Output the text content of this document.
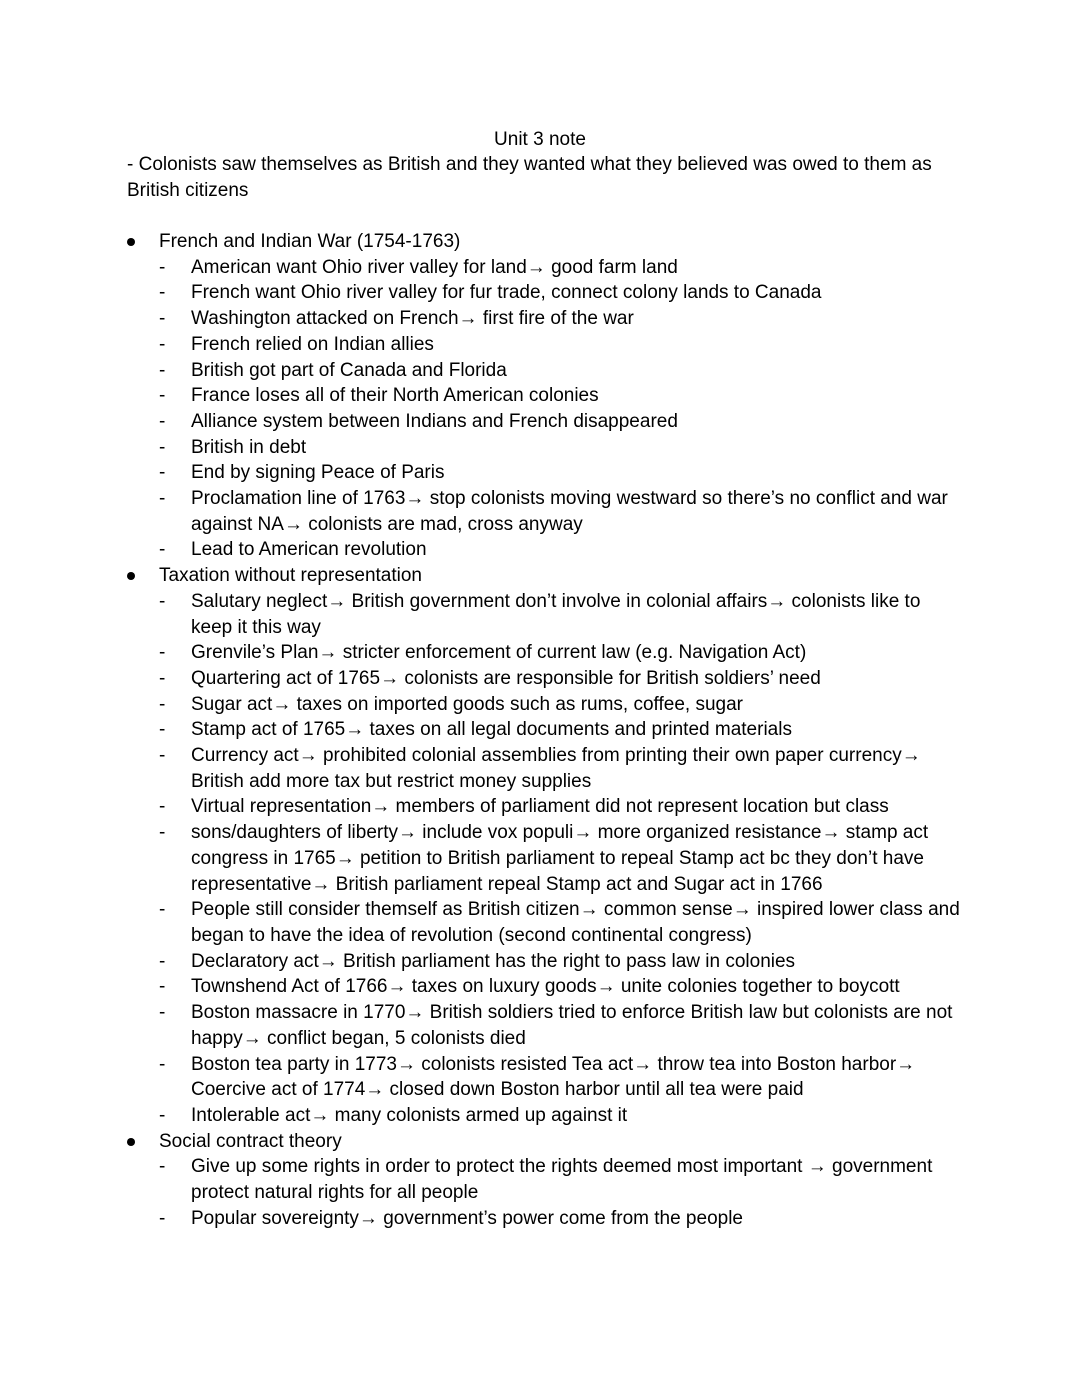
Unit 3 note

- Colonists saw themselves as British and they wanted what they believed was owed to them as British citizens

French and Indian War (1754-1763)
- American want Ohio river valley for land→ good farm land
- French want Ohio river valley for fur trade, connect colony lands to Canada
- Washington attacked on French→ first fire of the war
- French relied on Indian allies
- British got part of Canada and Florida
- France loses all of their North American colonies
- Alliance system between Indians and French disappeared
- British in debt
- End by signing Peace of Paris
- Proclamation line of 1763→ stop colonists moving westward so there’s no conflict and war against NA→ colonists are mad, cross anyway
- Lead to American revolution
Taxation without representation
- Salutary neglect→ British government don’t involve in colonial affairs→ colonists like to keep it this way
- Grenvile’s Plan→ stricter enforcement of current law (e.g. Navigation Act)
- Quartering act of 1765→ colonists are responsible for British soldiers’ need
- Sugar act→ taxes on imported goods such as rums, coffee, sugar
- Stamp act of 1765→ taxes on all legal documents and printed materials
- Currency act→ prohibited colonial assemblies from printing their own paper currency→ British add more tax but restrict money supplies
- Virtual representation→ members of parliament did not represent location but class
- sons/daughters of liberty→ include vox populi→ more organized resistance→ stamp act congress in 1765→ petition to British parliament to repeal Stamp act bc they don’t have representative→ British parliament repeal Stamp act and Sugar act in 1766
- People still consider themself as British citizen→ common sense→ inspired lower class and began to have the idea of revolution (second continental congress)
- Declaratory act→ British parliament has the right to pass law in colonies
- Townshend Act of 1766→ taxes on luxury goods→ unite colonies together to boycott
- Boston massacre in 1770→ British soldiers tried to enforce British law but colonists are not happy→ conflict began, 5 colonists died
- Boston tea party in 1773→ colonists resisted Tea act→ throw tea into Boston harbor→ Coercive act of 1774→ closed down Boston harbor until all tea were paid
- Intolerable act→ many colonists armed up against it
Social contract theory
- Give up some rights in order to protect the rights deemed most important → government protect natural rights for all people
- Popular sovereignty→ government’s power come from the people
